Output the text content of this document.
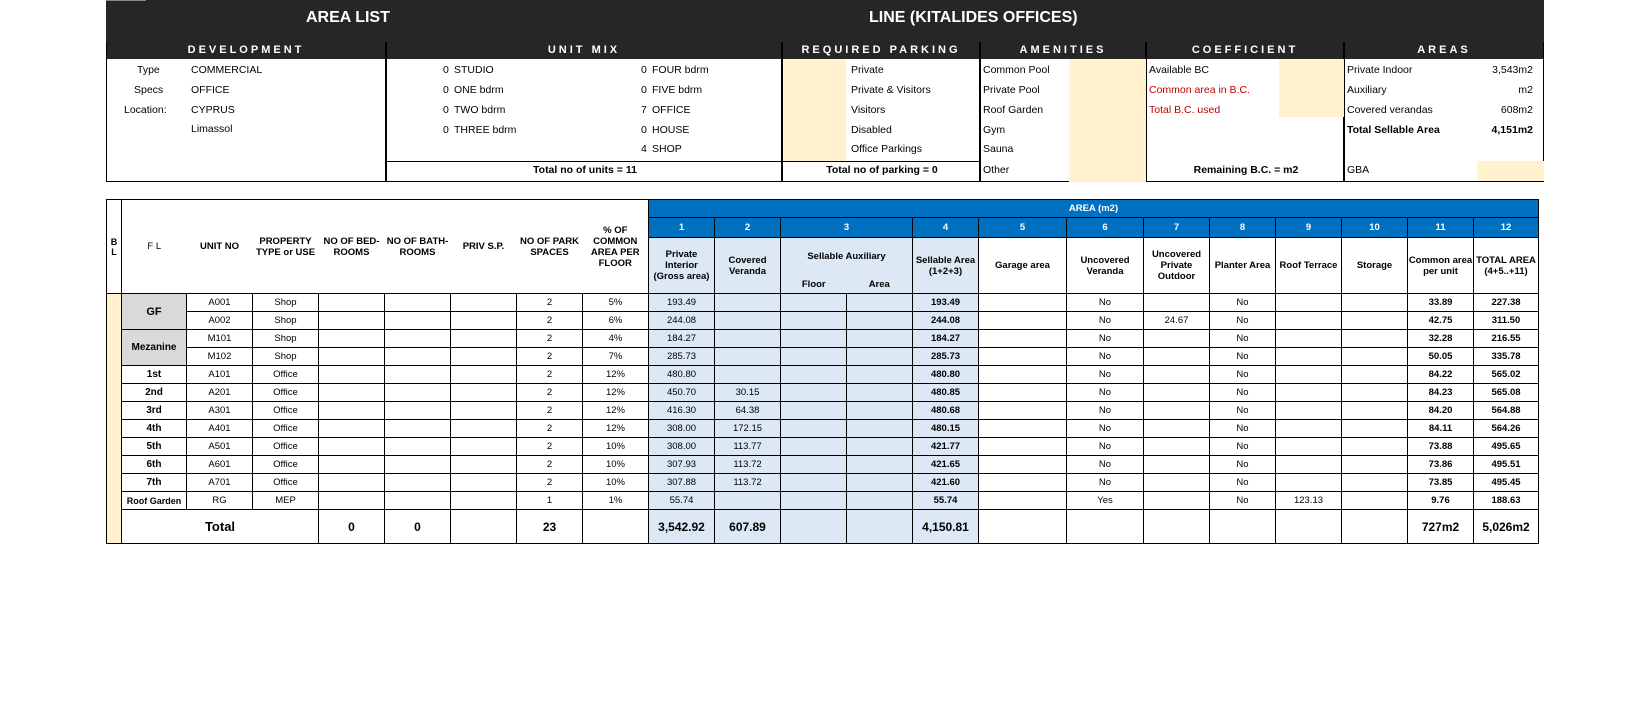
AREA LIST	LINE (KITALIDES OFFICES)
DEVELOPMENT
Type	COMMERCIAL
Specs	OFFICE
Location: CYPRUS
Limassol
UNIT MIX
0 STUDIO
0 ONE bdrm
0 TWO bdrm
0 THREE bdrm
0 FOUR bdrm
0 FIVE bdrm
7 OFFICE
0 HOUSE
4 SHOP
Total no of units = 11
REQUIRED PARKING
Private
Private & Visitors
Visitors
Disabled
Office Parkings
Total no of parking = 0
AMENITIES
Common Pool
Private Pool
Roof Garden
Gym
Sauna
Other
COEFFICIENT
Available BC
Common area in B.C.
Total B.C. used
Remaining B.C. = m2
AREAS
Private Indoor	3,543m2
Auxiliary	m2
Covered verandas	608m2
Total Sellable Area	4,151m2
GBA
B L	F L	UNIT NO	PROPERTY TYPE or USE	NO OF BED-ROOMS	NO OF BATH-ROOMS	PRIV S.P.	NO OF PARK SPACES	% OF COMMON AREA PER FLOOR	AREA (m2)												
									1	2	3		4	5	6	7	8	9	10	11	12
									Private Interior (Gross area)	Covered Veranda	Sellable Auxiliary		Sellable Area (1+2+3)	Garage area	Uncovered Veranda	Uncovered Private Outdoor	Planter Area	Roof Terrace	Storage	Common area per unit	TOTAL AREA (4+5..+11)
											Floor	Area									
	GF	A001	Shop				2	5%	193.49				193.49		No		No			33.89	227.38
		A002	Shop				2	6%	244.08				244.08		No	24.67	No			42.75	311.50
	Mezanine	M101	Shop				2	4%	184.27				184.27		No		No			32.28	216.55
		M102	Shop				2	7%	285.73				285.73		No		No			50.05	335.78
	1st	A101	Office				2	12%	480.80				480.80		No		No			84.22	565.02
	2nd	A201	Office				2	12%	450.70	30.15			480.85		No		No			84.23	565.08
	3rd	A301	Office				2	12%	416.30	64.38			480.68		No		No			84.20	564.88
	4th	A401	Office				2	12%	308.00	172.15			480.15		No		No			84.11	564.26
	5th	A501	Office				2	10%	308.00	113.77			421.77		No		No			73.88	495.65
	6th	A601	Office				2	10%	307.93	113.72			421.65		No		No			73.86	495.51
	7th	A701	Office				2	10%	307.88	113.72			421.60		No		No			73.85	495.45
	Roof Garden	RG	MEP				1	1%	55.74				55.74		Yes		No	123.13		9.76	188.63
	Total			0	0		23		3,542.92	607.89			4,150.81							727m2	5,026m2
